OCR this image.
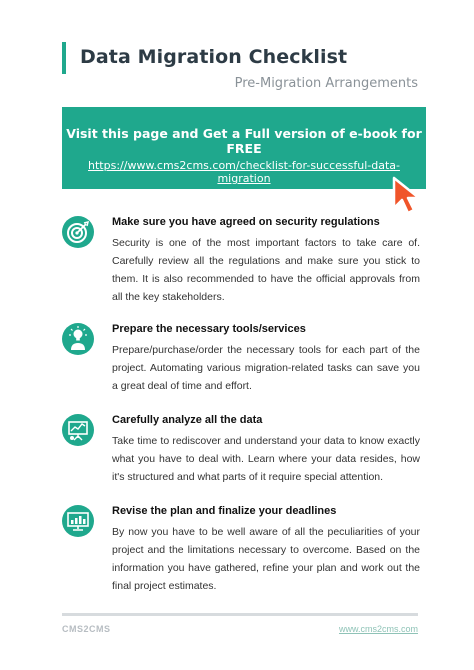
Data Migration Checklist
Pre-Migration Arrangements
Visit this page and Get a Full version of e-book for FREE
https://www.cms2cms.com/checklist-for-successful-data-migration
Make sure you have agreed on security regulations
Security is one of the most important factors to take care of. Carefully review all the regulations and make sure you stick to them. It is also recommended to have the official approvals from all the key stakeholders.
Prepare the necessary tools/services
Prepare/purchase/order the necessary tools for each part of the project. Automating various migration-related tasks can save you a great deal of time and effort.
Carefully analyze all the data
Take time to rediscover and understand your data to know exactly what you have to deal with. Learn where your data resides, how it's structured and what parts of it require special attention.
Revise the plan and finalize your deadlines
By now you have to be well aware of all the peculiarities of your project and the limitations necessary to overcome. Based on the information you have gathered, refine your plan and work out the final project estimates.
CMS2CMS	www.cms2cms.com
